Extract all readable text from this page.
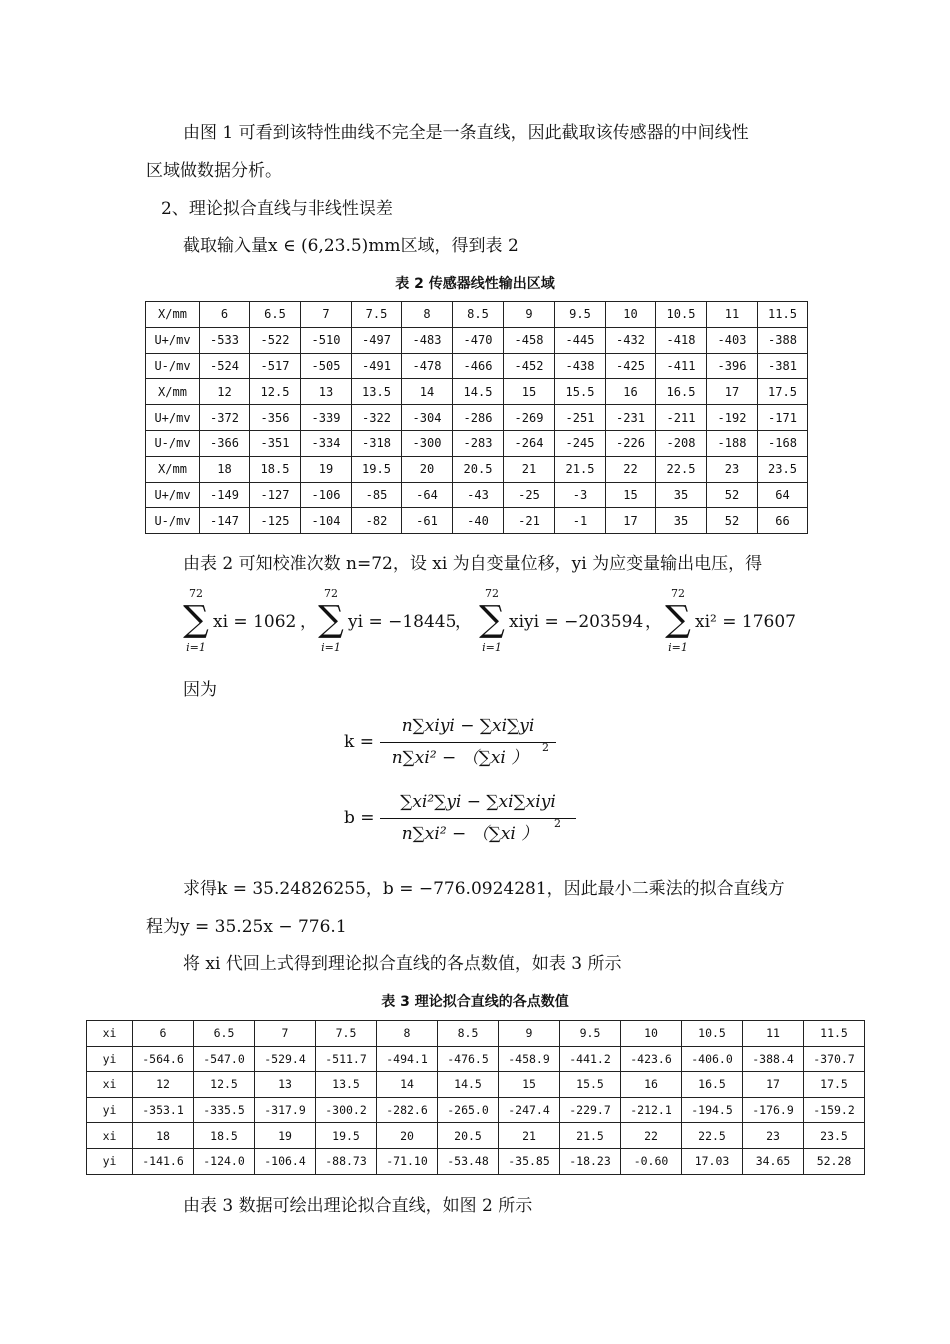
由图 1 可看到该特性曲线不完全是一条直线，因此截取该传感器的中间线性
区域做数据分析。
2、理论拟合直线与非线性误差
截取输入量x ∈ (6,23.5)mm区域，得到表 2
表 2 传感器线性输出区域
X/mm	6	6.5	7	7.5	8	8.5	9	9.5	10	10.5	11	11.5
U+/mv	-533	-522	-510	-497	-483	-470	-458	-445	-432	-418	-403	-388
U-/mv	-524	-517	-505	-491	-478	-466	-452	-438	-425	-411	-396	-381
X/mm	12	12.5	13	13.5	14	14.5	15	15.5	16	16.5	17	17.5
U+/mv	-372	-356	-339	-322	-304	-286	-269	-251	-231	-211	-192	-171
U-/mv	-366	-351	-334	-318	-300	-283	-264	-245	-226	-208	-188	-168
X/mm	18	18.5	19	19.5	20	20.5	21	21.5	22	22.5	23	23.5
U+/mv	-149	-127	-106	-85	-64	-43	-25	-3	15	35	52	64
U-/mv	-147	-125	-104	-82	-61	-40	-21	-1	17	35	52	66
由表 2 可知校准次数 n=72，设 xi 为自变量位移，yi 为应变量输出电压，得
72
∑
i=1
xi = 1062 ，
72
∑
i=1
yi = −18445
，
72
∑
i=1
xiyi = −203594 ，
72
∑
i=1
xi² = 17607
因为
k =
n∑xiyi − ∑xi∑yi
n∑xi² − （∑xi ）
2
b =
∑xi²∑yi − ∑xi∑xiyi
n∑xi² − （∑xi ）
2
求得k = 35.24826255，b = −776.0924281，因此最小二乘法的拟合直线方
程为y = 35.25x − 776.1
将 xi 代回上式得到理论拟合直线的各点数值，如表 3 所示
表 3 理论拟合直线的各点数值
xi	6	6.5	7	7.5	8	8.5	9	9.5	10	10.5	11	11.5
yi	-564.6	-547.0	-529.4	-511.7	-494.1	-476.5	-458.9	-441.2	-423.6	-406.0	-388.4	-370.7
xi	12	12.5	13	13.5	14	14.5	15	15.5	16	16.5	17	17.5
yi	-353.1	-335.5	-317.9	-300.2	-282.6	-265.0	-247.4	-229.7	-212.1	-194.5	-176.9	-159.2
xi	18	18.5	19	19.5	20	20.5	21	21.5	22	22.5	23	23.5
yi	-141.6	-124.0	-106.4	-88.73	-71.10	-53.48	-35.85	-18.23	-0.60	17.03	34.65	52.28
由表 3 数据可绘出理论拟合直线，如图 2 所示
